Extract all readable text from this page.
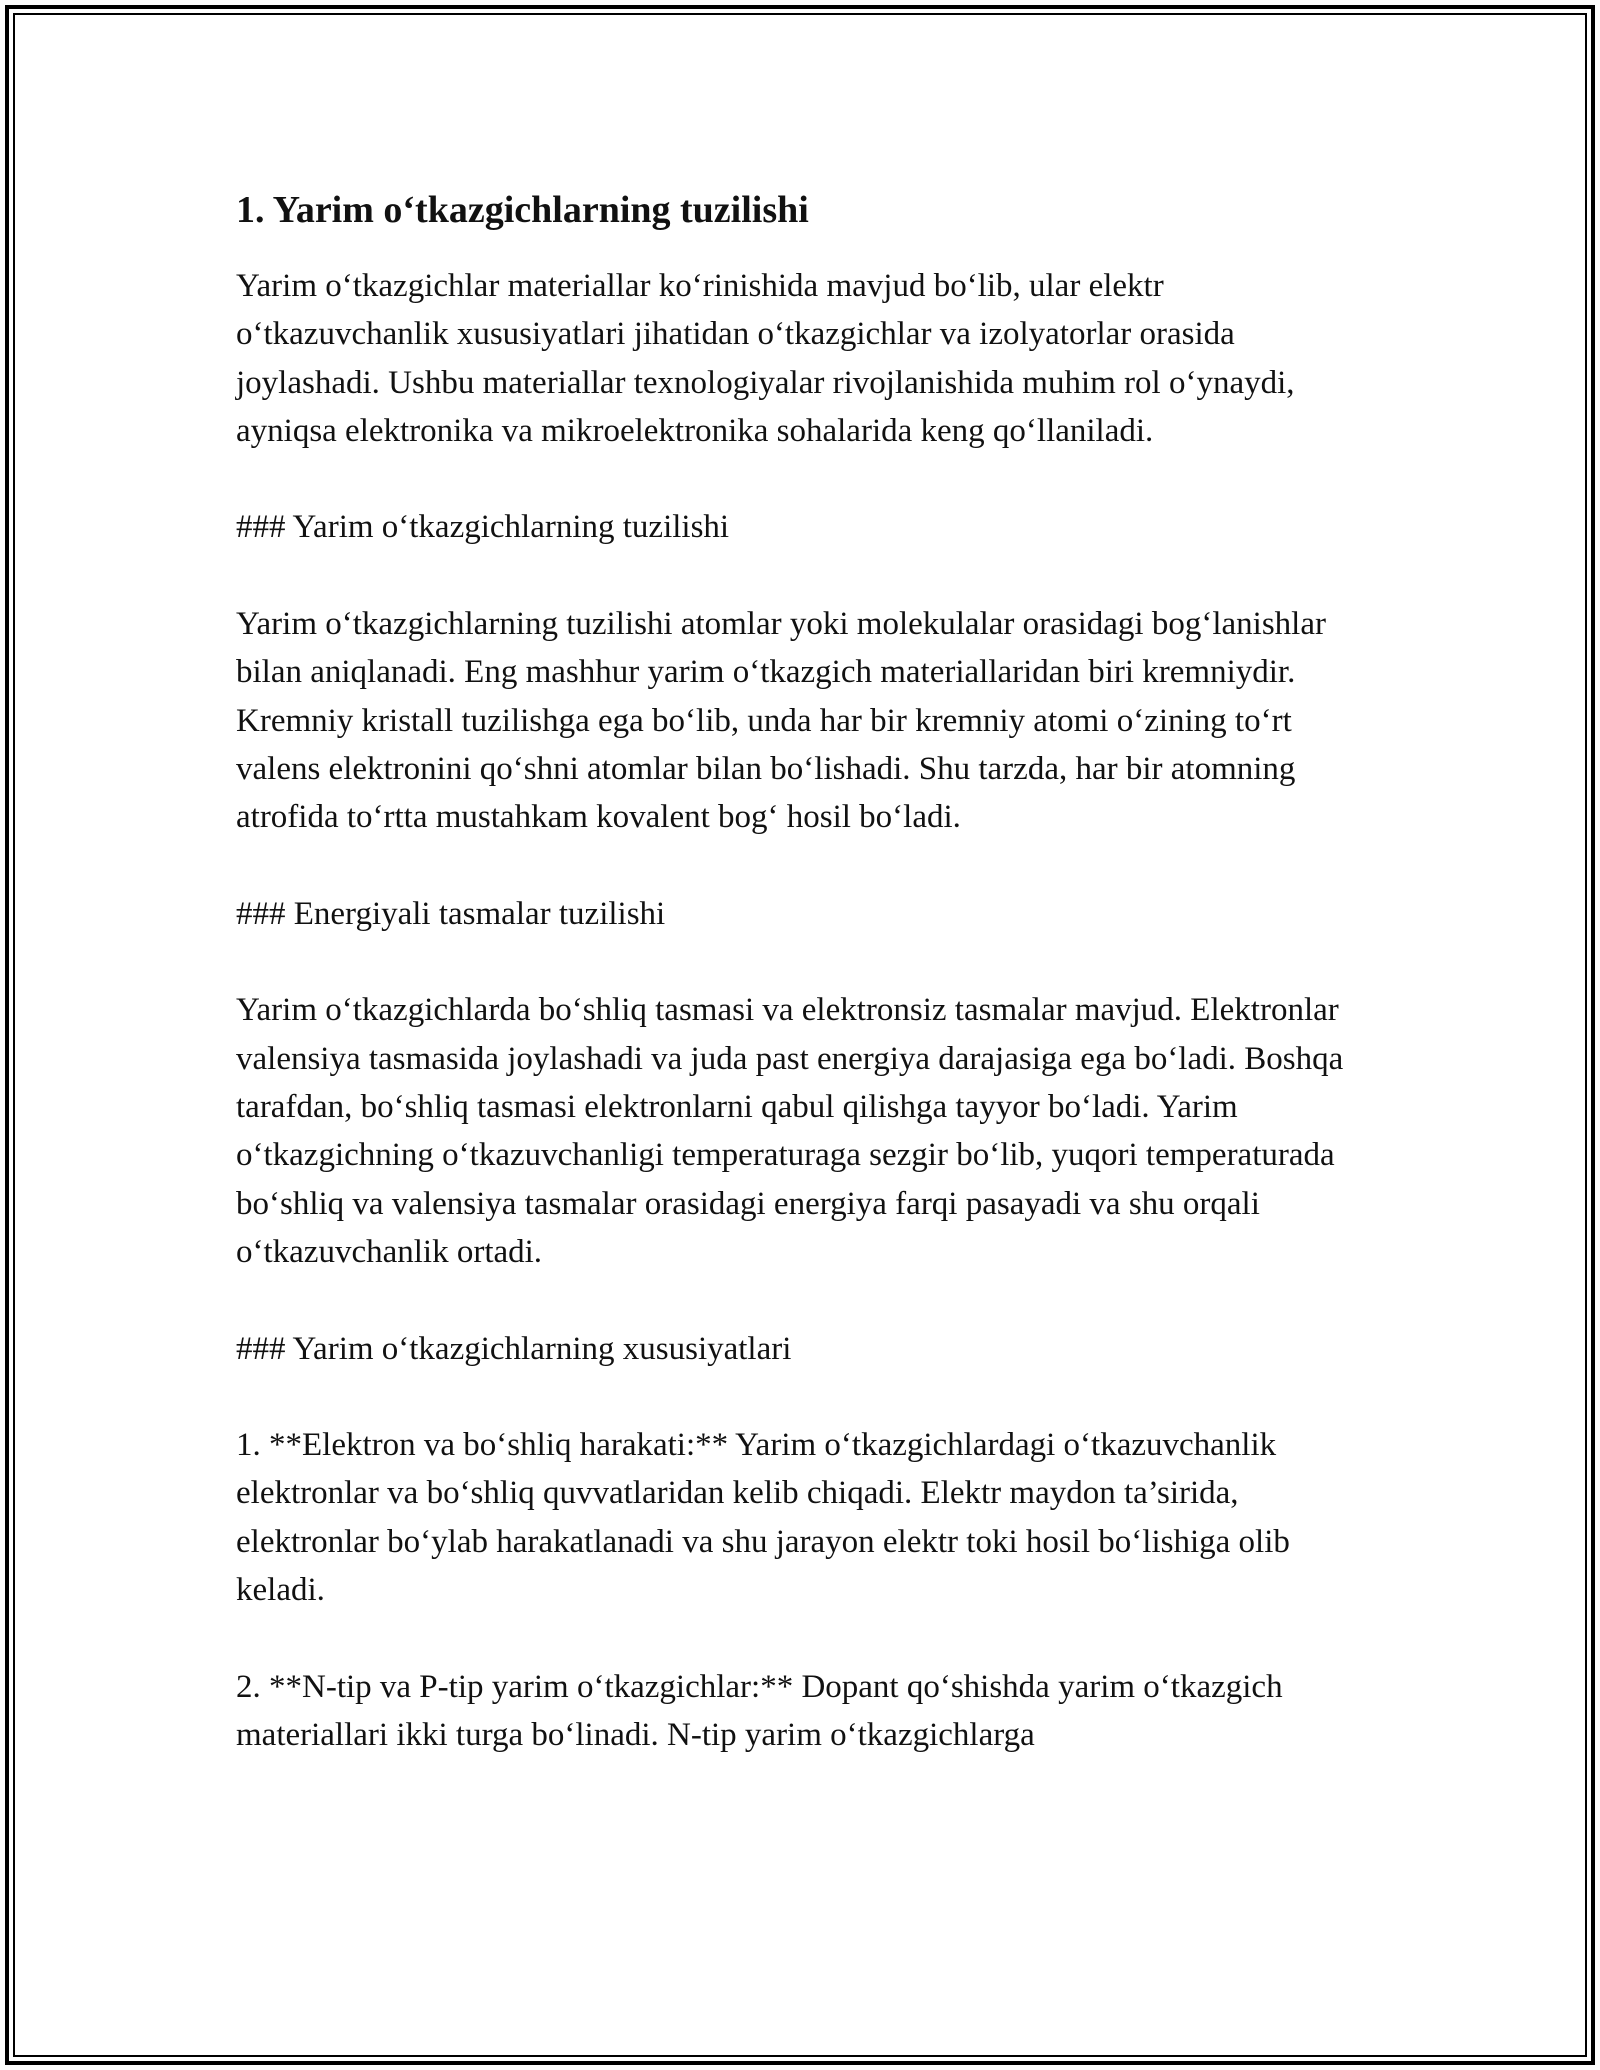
1. Yarim o‘tkazgichlarning tuzilishi

Yarim o‘tkazgichlar materiallar ko‘rinishida mavjud bo‘lib, ular elektr o‘tkazuvchanlik xususiyatlari jihatidan o‘tkazgichlar va izolyatorlar orasida joylashadi. Ushbu materiallar texnologiyalar rivojlanishida muhim rol o‘ynaydi, ayniqsa elektronika va mikroelektronika sohalarida keng qo‘llaniladi.

### Yarim o‘tkazgichlarning tuzilishi

Yarim o‘tkazgichlarning tuzilishi atomlar yoki molekulalar orasidagi bog‘lanishlar bilan aniqlanadi. Eng mashhur yarim o‘tkazgich materiallaridan biri kremniydir. Kremniy kristall tuzilishga ega bo‘lib, unda har bir kremniy atomi o‘zining to‘rt valens elektronini qo‘shni atomlar bilan bo‘lishadi. Shu tarzda, har bir atomning atrofida to‘rtta mustahkam kovalent bog‘ hosil bo‘ladi.

### Energiyali tasmalar tuzilishi

Yarim o‘tkazgichlarda bo‘shliq tasmasi va elektronsiz tasmalar mavjud. Elektronlar valensiya tasmasida joylashadi va juda past energiya darajasiga ega bo‘ladi. Boshqa tarafdan, bo‘shliq tasmasi elektronlarni qabul qilishga tayyor bo‘ladi. Yarim o‘tkazgichning o‘tkazuvchanligi temperaturaga sezgir bo‘lib, yuqori temperaturada bo‘shliq va valensiya tasmalar orasidagi energiya farqi pasayadi va shu orqali o‘tkazuvchanlik ortadi.

### Yarim o‘tkazgichlarning xususiyatlari

1. **Elektron va bo‘shliq harakati:** Yarim o‘tkazgichlardagi o‘tkazuvchanlik elektronlar va bo‘shliq quvvatlaridan kelib chiqadi. Elektr maydon ta’sirida, elektronlar bo‘ylab harakatlanadi va shu jarayon elektr toki hosil bo‘lishiga olib keladi.

2. **N-tip va P-tip yarim o‘tkazgichlar:** Dopant qo‘shishda yarim o‘tkazgich materiallari ikki turga bo‘linadi. N-tip yarim o‘tkazgichlarga
